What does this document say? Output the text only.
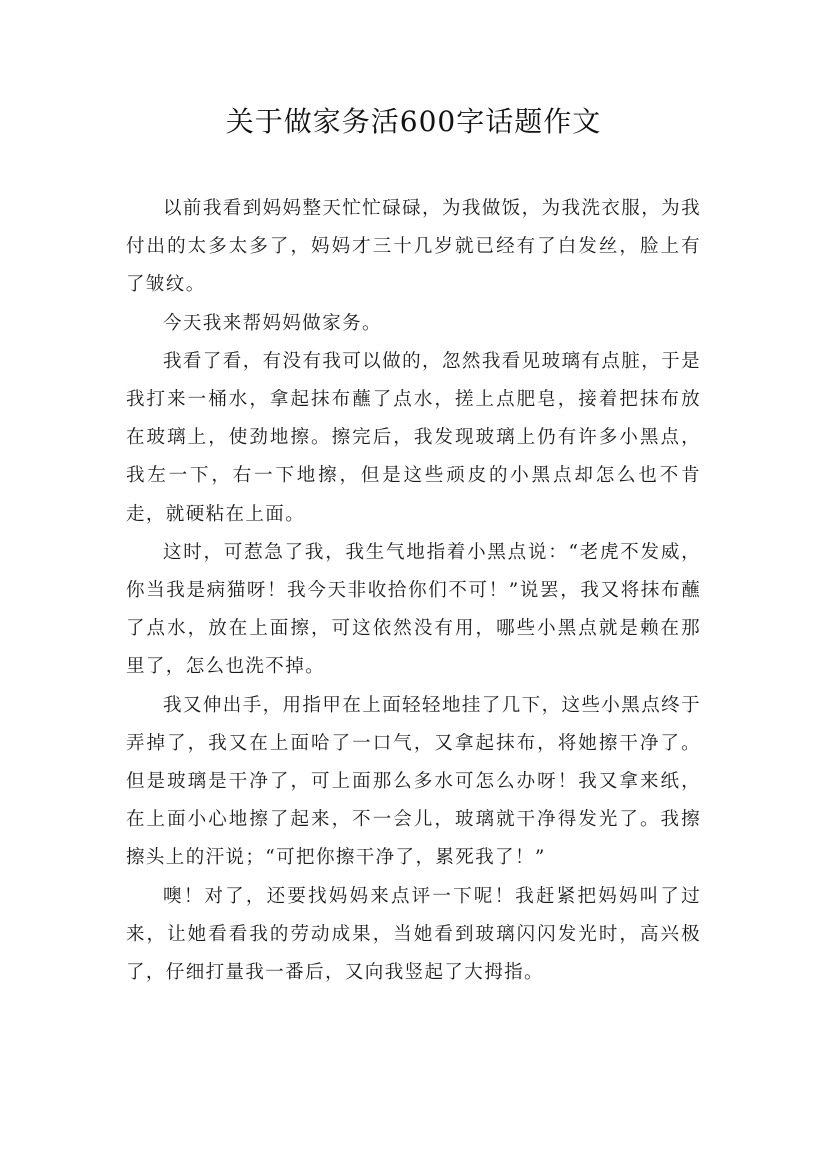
关于做家务活600字话题作文

以前我看到妈妈整天忙忙碌碌，为我做饭，为我洗衣服，为我付出的太多太多了，妈妈才三十几岁就已经有了白发丝，脸上有了皱纹。

今天我来帮妈妈做家务。

我看了看，有没有我可以做的，忽然我看见玻璃有点脏，于是我打来一桶水，拿起抹布蘸了点水，搓上点肥皂，接着把抹布放在玻璃上，使劲地擦。擦完后，我发现玻璃上仍有许多小黑点，我左一下，右一下地擦，但是这些顽皮的小黑点却怎么也不肯走，就硬粘在上面。

这时，可惹急了我，我生气地指着小黑点说：“老虎不发威，你当我是病猫呀！我今天非收拾你们不可！”说罢，我又将抹布蘸了点水，放在上面擦，可这依然没有用，哪些小黑点就是赖在那里了，怎么也洗不掉。

我又伸出手，用指甲在上面轻轻地挂了几下，这些小黑点终于弄掉了，我又在上面哈了一口气，又拿起抹布，将她擦干净了。但是玻璃是干净了，可上面那么多水可怎么办呀！我又拿来纸，在上面小心地擦了起来，不一会儿，玻璃就干净得发光了。我擦擦头上的汗说；“可把你擦干净了，累死我了！”

噢！对了，还要找妈妈来点评一下呢！我赶紧把妈妈叫了过来，让她看看我的劳动成果，当她看到玻璃闪闪发光时，高兴极了，仔细打量我一番后，又向我竖起了大拇指。
